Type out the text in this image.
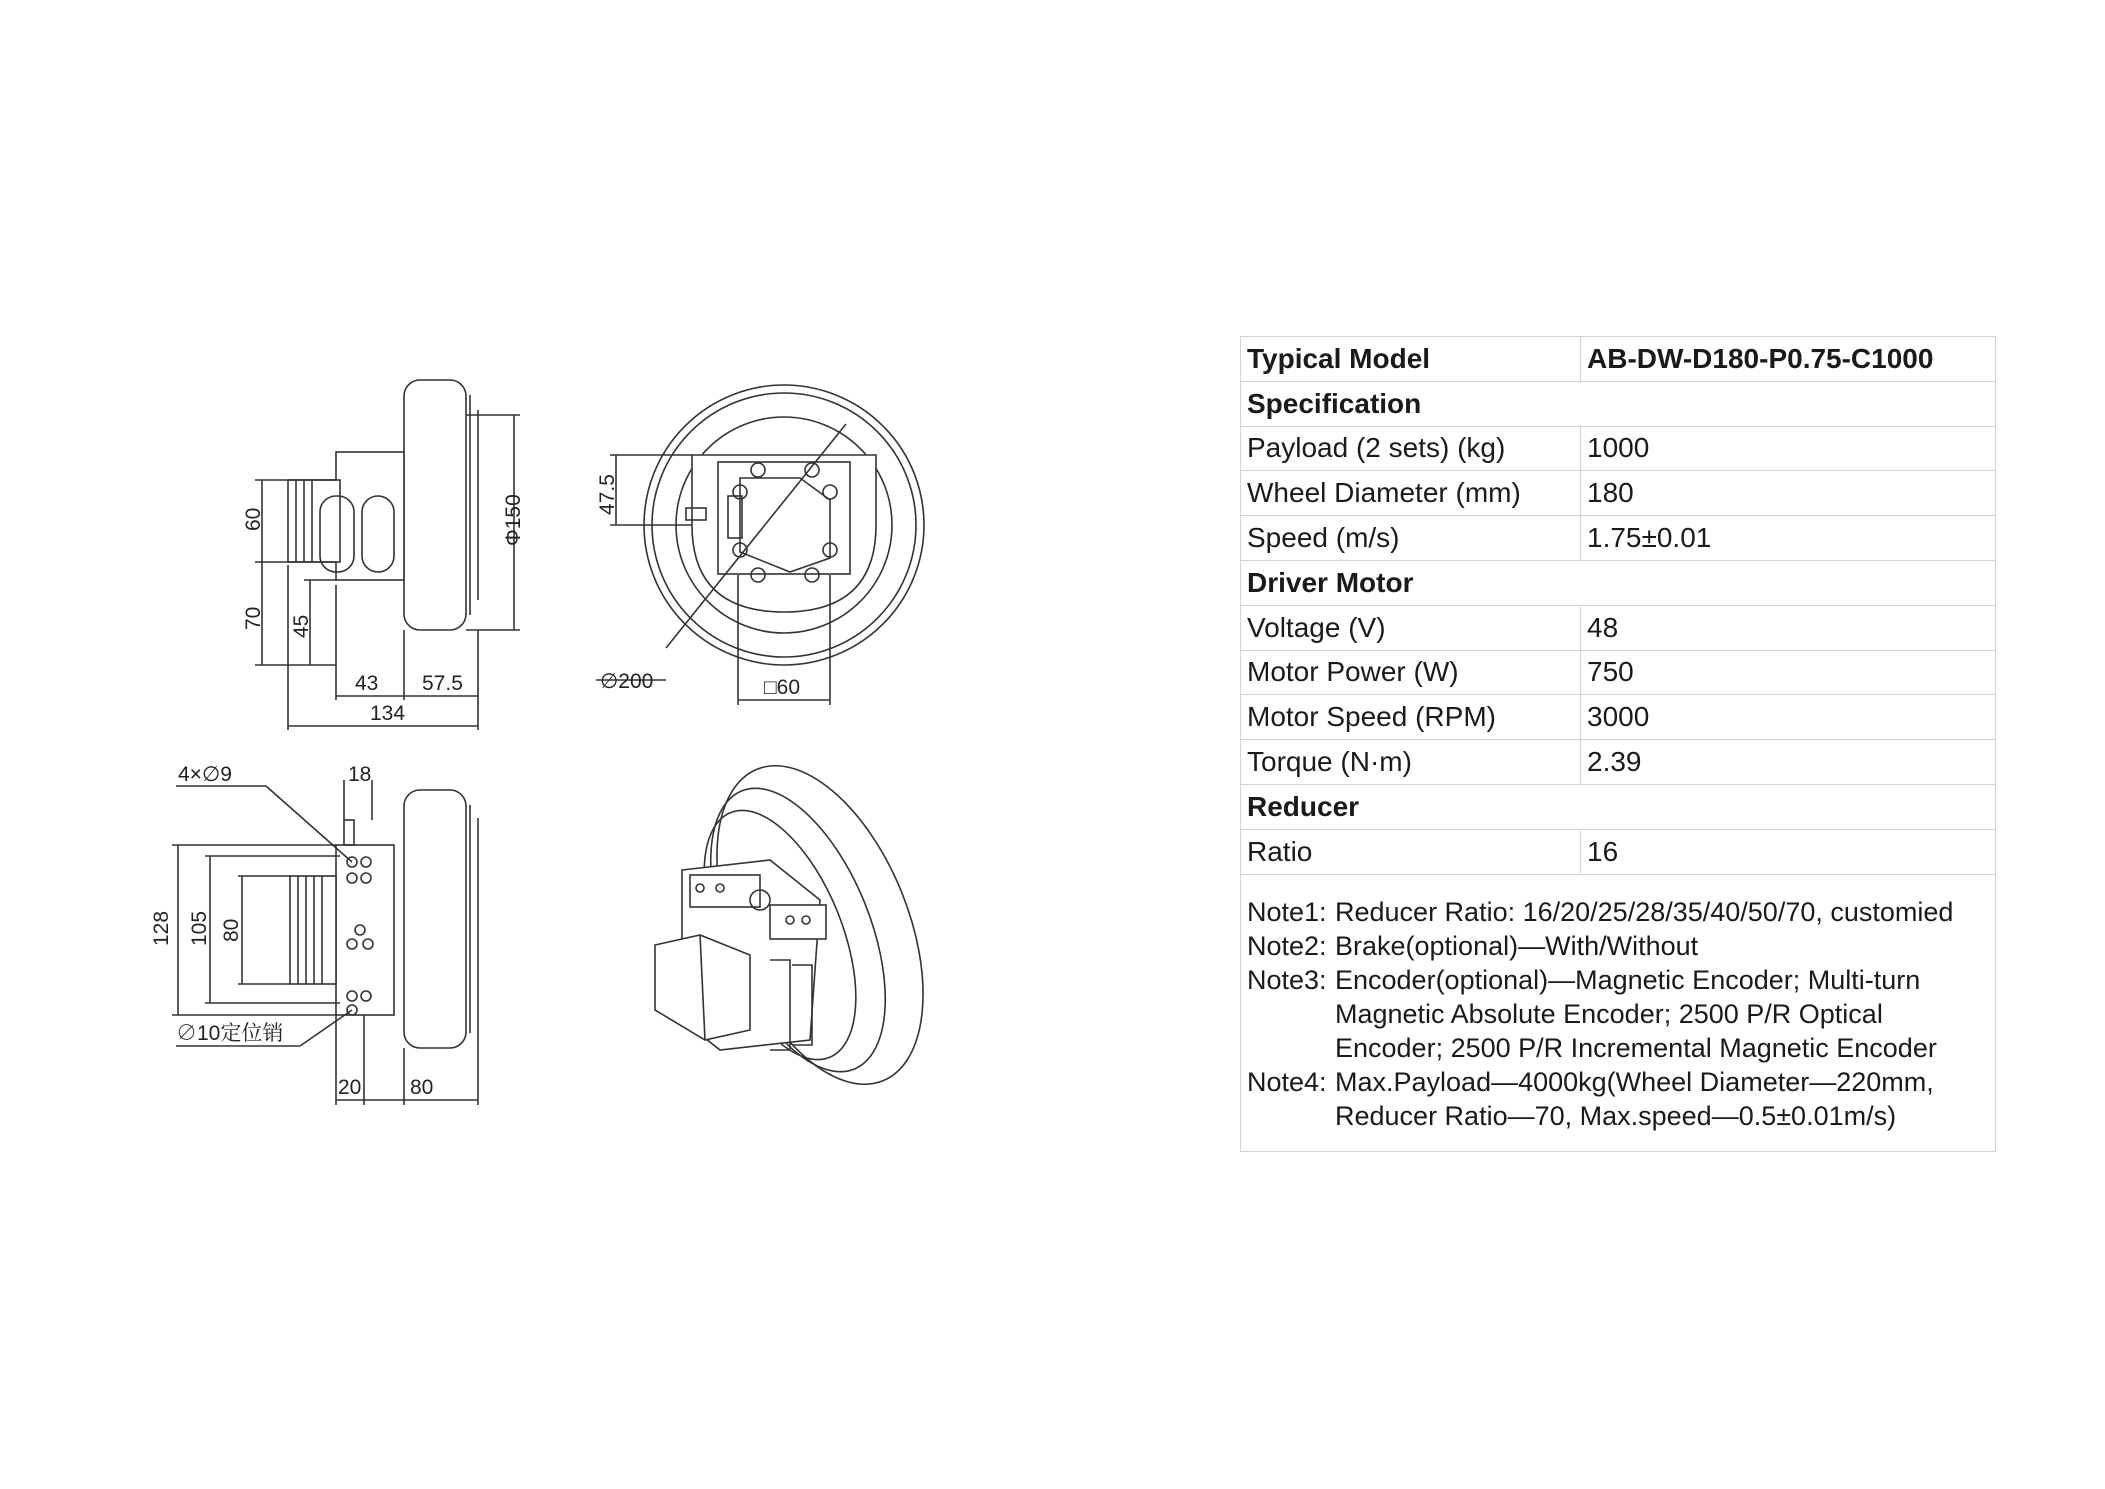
60
70 45
43 57.5
134
Φ150	47.5
∅200	□60
4×∅9	18
128 105 80
∅10定位销
20 80
Typical Model	AB-DW-D180-P0.75-C1000
Specification
Payload (2 sets) (kg)	1000
Wheel Diameter (mm)	180
Speed (m/s)	1.75±0.01
Driver Motor
Voltage (V)	48
Motor Power (W)	750
Motor Speed (RPM)	3000
Torque (N·m)	2.39
Reducer
Ratio	16
Note1: Reducer Ratio: 16/20/25/28/35/40/50/70, customied
Note2: Brake(optional)—With/Without
Note3: Encoder(optional)—Magnetic Encoder; Multi-turn Magnetic Absolute Encoder; 2500 P/R Optical Encoder; 2500 P/R Incremental Magnetic Encoder
Note4: Max.Payload—4000kg(Wheel Diameter—220mm, Reducer Ratio—70, Max.speed—0.5±0.01m/s)
